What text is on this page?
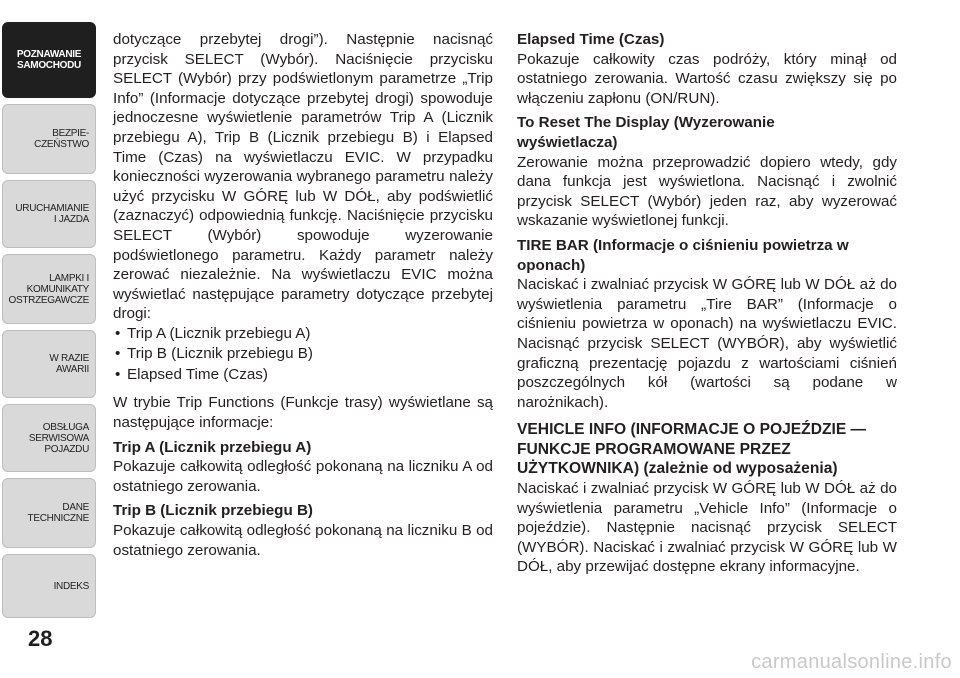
POZNAWANIE
SAMOCHODU
BEZPIE-
CZEŃSTWO
URUCHAMIANIE
I JAZDA
LAMPKI I
KOMUNIKATY
OSTRZEGAWCZE
W RAZIE
AWARII
OBSŁUGA
SERWISOWA
POJAZDU
DANE
TECHNICZNE
INDEKS
28

dotyczące przebytej drogi”). Następnie nacisnąć przycisk SELECT (Wybór). Naciśnięcie przycisku SELECT (Wybór) przy podświetlonym parametrze „Trip Info” (Informacje dotyczące przebytej drogi) spowoduje jednoczesne wyświetlenie parametrów Trip A (Licznik przebiegu A), Trip B (Licznik przebiegu B) i Elapsed Time (Czas) na wyświetlaczu EVIC. W przypadku konieczności wyzerowania wybranego parametru należy użyć przycisku W GÓRĘ lub W DÓŁ, aby podświetlić (zaznaczyć) odpowiednią funkcję. Naciśnięcie przycisku SELECT (Wybór) spowoduje wyzerowanie podświetlonego parametru. Każdy parametr należy zerować niezależnie. Na wyświetlaczu EVIC można wyświetlać następujące parametry dotyczące przebytej drogi:

• Trip A (Licznik przebiegu A)
• Trip B (Licznik przebiegu B)
• Elapsed Time (Czas)

W trybie Trip Functions (Funkcje trasy) wyświetlane są następujące informacje:

Trip A (Licznik przebiegu A)

Pokazuje całkowitą odległość pokonaną na liczniku A od ostatniego zerowania.

Trip B (Licznik przebiegu B)

Pokazuje całkowitą odległość pokonaną na liczniku B od ostatniego zerowania.

Elapsed Time (Czas)

Pokazuje całkowity czas podróży, który minął od ostatniego zerowania. Wartość czasu zwiększy się po włączeniu zapłonu (ON/RUN).

To Reset The Display (Wyzerowanie wyświetlacza)

Zerowanie można przeprowadzić dopiero wtedy, gdy dana funkcja jest wyświetlona. Nacisnąć i zwolnić przycisk SELECT (Wybór) jeden raz, aby wyzerować wskazanie wyświetlonej funkcji.

TIRE BAR (Informacje o ciśnieniu powietrza w oponach)

Naciskać i zwalniać przycisk W GÓRĘ lub W DÓŁ aż do wyświetlenia parametru „Tire BAR” (Informacje o ciśnieniu powietrza w oponach) na wyświetlaczu EVIC. Nacisnąć przycisk SELECT (WYBÓR), aby wyświetlić graficzną prezentację pojazdu z wartościami ciśnień poszczególnych kół (wartości są podane w narożnikach).

VEHICLE INFO (INFORMACJE O POJEŹDZIE — FUNKCJE PROGRAMOWANE PRZEZ UŻYTKOWNIKA) (zależnie od wyposażenia)

Naciskać i zwalniać przycisk W GÓRĘ lub W DÓŁ aż do wyświetlenia parametru „Vehicle Info” (Informacje o pojeździe). Następnie nacisnąć przycisk SELECT (WYBÓR). Naciskać i zwalniać przycisk W GÓRĘ lub W DÓŁ, aby przewijać dostępne ekrany informacyjne.

carmanualsonline.info
